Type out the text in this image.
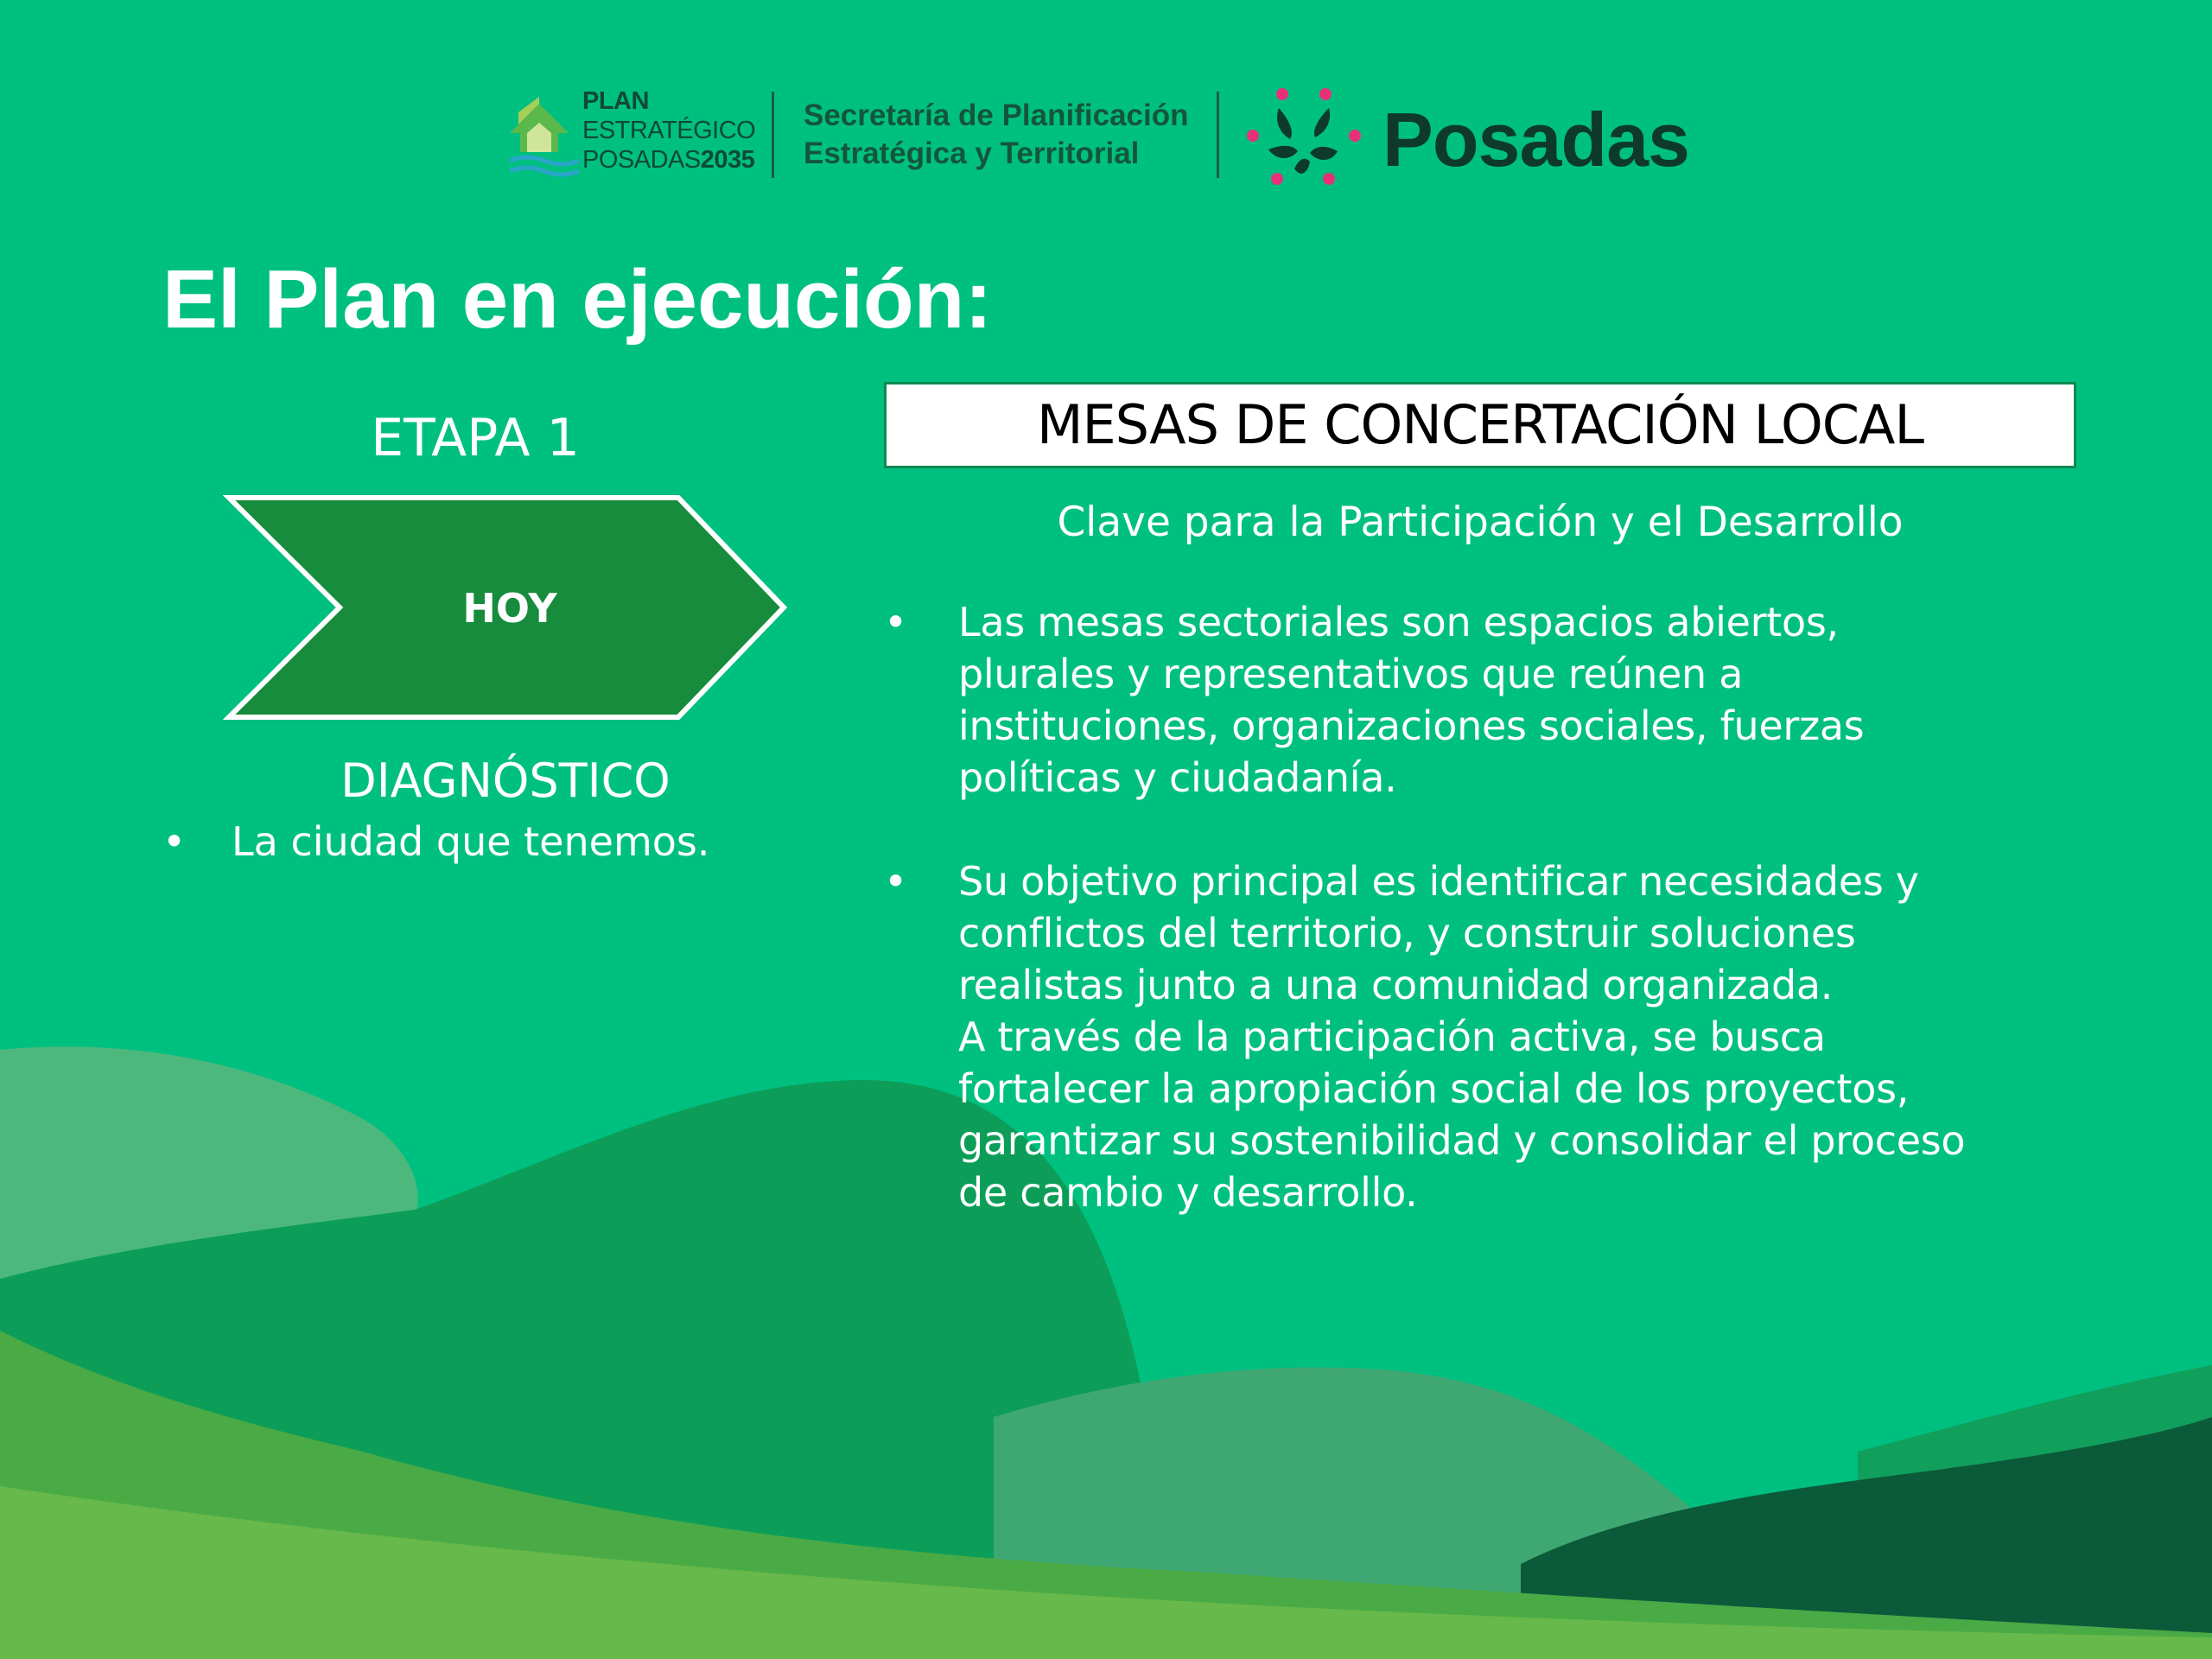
PLAN
ESTRATÉGICO
POSADAS2035
Secretaría de Planificación
Estratégica y Territorial	Posadas
El Plan en ejecución:
ETAPA 1
HOY
DIAGNÓSTICO
• La ciudad que tenemos.
MESAS DE CONCERTACIÓN LOCAL
Clave para la Participación y el Desarrollo
• Las mesas sectoriales son espacios abiertos,
plurales y representativos que reúnen a
instituciones, organizaciones sociales, fuerzas
políticas y ciudadanía.
• Su objetivo principal es identificar necesidades y
conflictos del territorio, y construir soluciones
realistas junto a una comunidad organizada.
A través de la participación activa, se busca
fortalecer la apropiación social de los proyectos,
garantizar su sostenibilidad y consolidar el proceso
de cambio y desarrollo.
